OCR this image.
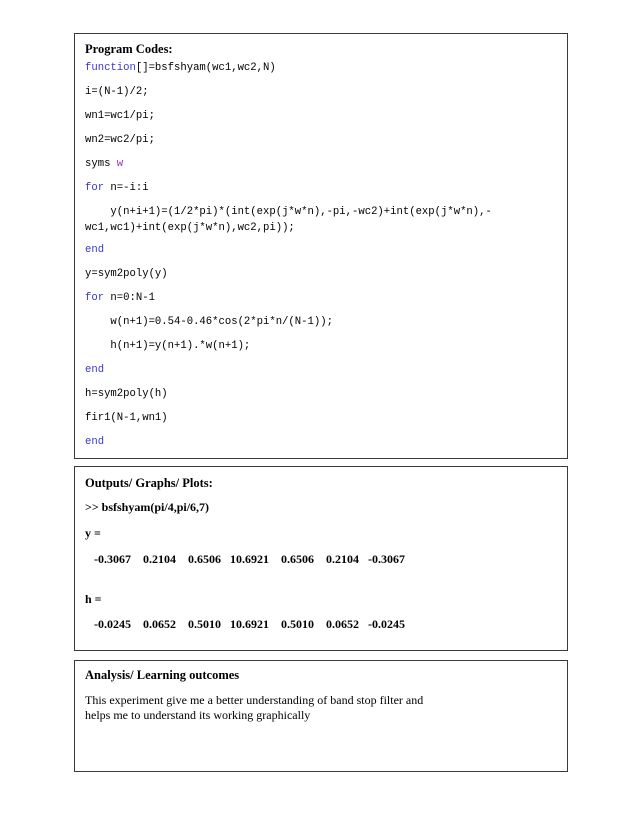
Program Codes:
function[]=bsfshyam(wc1,wc2,N)
i=(N-1)/2;
wn1=wc1/pi;
wn2=wc2/pi;
syms w
for n=-i:i
y(n+i+1)=(1/2*pi)*(int(exp(j*w*n),-pi,-wc2)+int(exp(j*w*n),-
wc1,wc1)+int(exp(j*w*n),wc2,pi));
end
y=sym2poly(y)
for n=0:N-1
w(n+1)=0.54-0.46*cos(2*pi*n/(N-1));
h(n+1)=y(n+1).*w(n+1);
end
h=sym2poly(h)
fir1(N-1,wn1)
end
Outputs/ Graphs/ Plots:
>> bsfshyam(pi/4,pi/6,7)
y =
-0.3067    0.2104    0.6506   10.6921    0.6506    0.2104   -0.3067
h =
-0.0245    0.0652    0.5010   10.6921    0.5010    0.0652   -0.0245
Analysis/ Learning outcomes
This experiment give me a better understanding of band stop filter and
helps me to understand its working graphically
